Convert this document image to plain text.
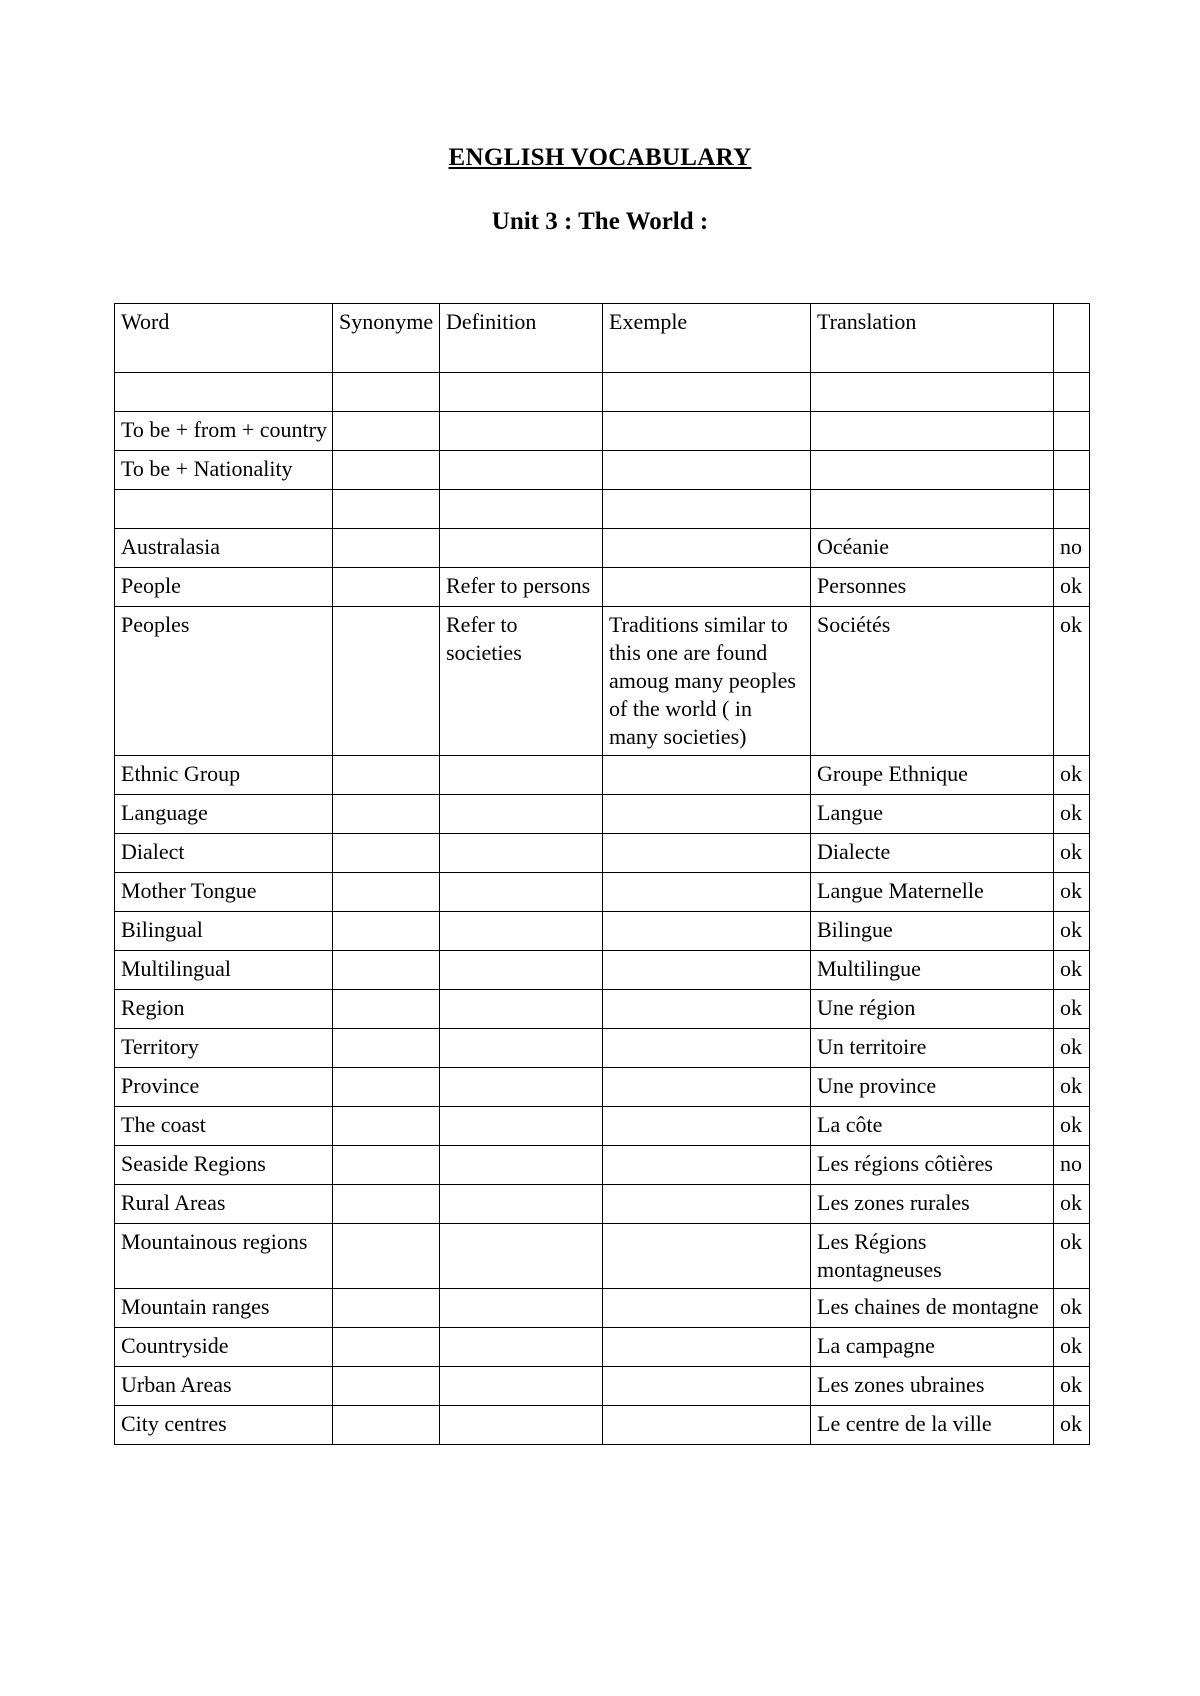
ENGLISH VOCABULARY
Unit 3 : The World :
Word	Synonyme	Definition	Exemple	Translation	

To be + from + country					
To be + Nationality					

Australasia				Océanie	no
People		Refer to persons		Personnes	ok
Peoples		Refer to societies	Traditions similar to this one are found amoug many peoples of the world ( in many societies)	Sociétés	ok
Ethnic Group				Groupe Ethnique	ok
Language				Langue	ok
Dialect				Dialecte	ok
Mother Tongue				Langue Maternelle	ok
Bilingual				Bilingue	ok
Multilingual				Multilingue	ok
Region				Une région	ok
Territory				Un territoire	ok
Province				Une province	ok
The coast				La côte	ok
Seaside Regions				Les régions côtières	no
Rural Areas				Les zones rurales	ok
Mountainous regions				Les Régions montagneuses	ok
Mountain ranges				Les chaines de montagne	ok
Countryside				La campagne	ok
Urban Areas				Les zones ubraines	ok
City centres				Le centre de la ville	ok
